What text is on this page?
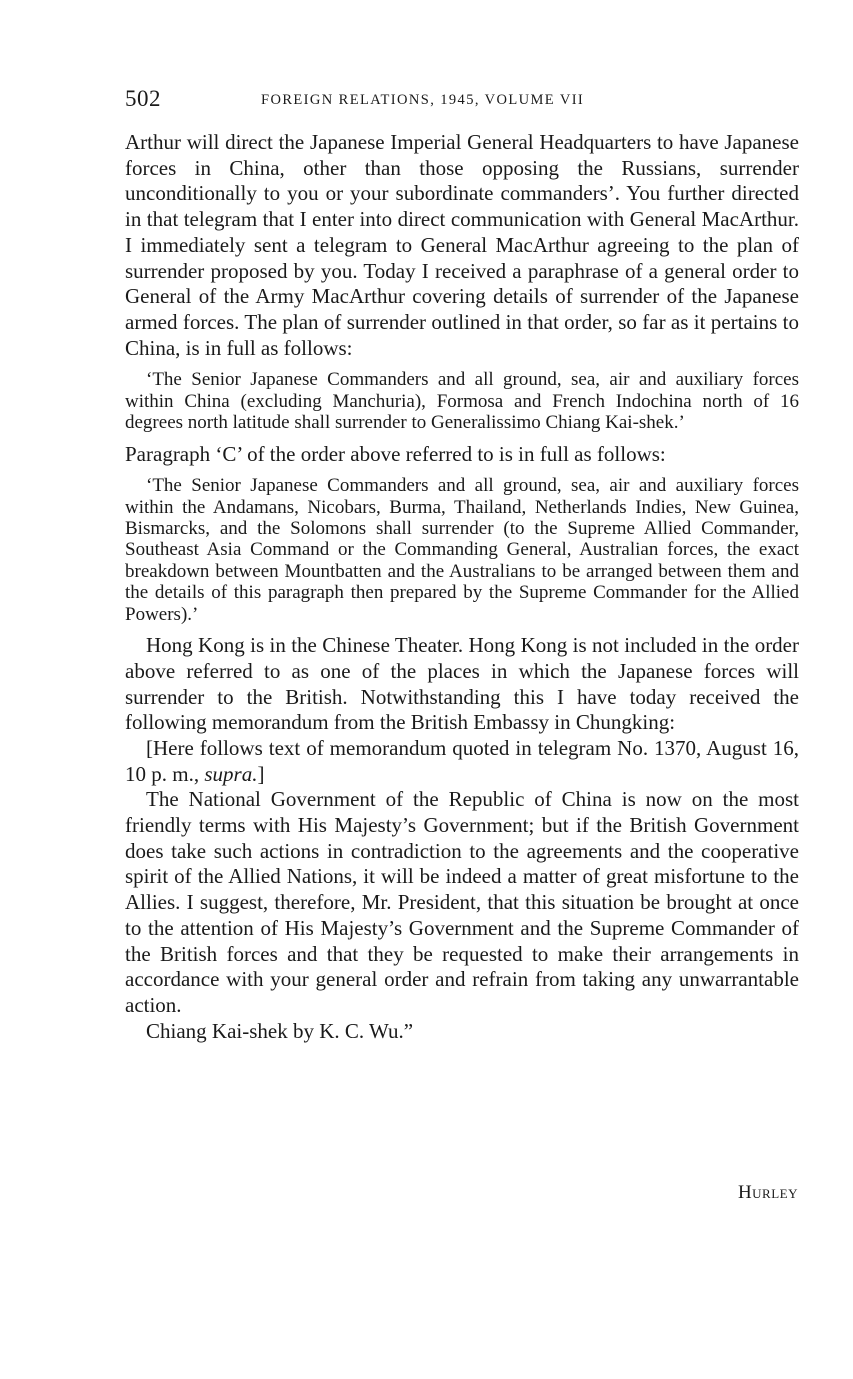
502	FOREIGN RELATIONS, 1945, VOLUME VII

Arthur will direct the Japanese Imperial General Headquarters to have Japanese forces in China, other than those opposing the Russians, surrender unconditionally to you or your subordinate commanders’. You further directed in that telegram that I enter into direct communication with General MacArthur. I immediately sent a telegram to General MacArthur agreeing to the plan of surrender proposed by you. Today I received a paraphrase of a general order to General of the Army MacArthur covering details of surrender of the Japanese armed forces. The plan of surrender outlined in that order, so far as it pertains to China, is in full as follows:

‘The Senior Japanese Commanders and all ground, sea, air and auxiliary forces within China (excluding Manchuria), Formosa and French Indochina north of 16 degrees north latitude shall surrender to Generalissimo Chiang Kai-shek.’

Paragraph ‘C’ of the order above referred to is in full as follows:

‘The Senior Japanese Commanders and all ground, sea, air and auxiliary forces within the Andamans, Nicobars, Burma, Thailand, Netherlands Indies, New Guinea, Bismarcks, and the Solomons shall surrender (to the Supreme Allied Commander, Southeast Asia Command or the Commanding General, Australian forces, the exact breakdown between Mountbatten and the Australians to be arranged between them and the details of this paragraph then prepared by the Supreme Commander for the Allied Powers).’

Hong Kong is in the Chinese Theater. Hong Kong is not included in the order above referred to as one of the places in which the Japanese forces will surrender to the British. Notwithstanding this I have today received the following memorandum from the British Embassy in Chungking:

[Here follows text of memorandum quoted in telegram No. 1370, August 16, 10 p. m., supra.]

The National Government of the Republic of China is now on the most friendly terms with His Majesty’s Government; but if the British Government does take such actions in contradiction to the agreements and the cooperative spirit of the Allied Nations, it will be indeed a matter of great misfortune to the Allies. I suggest, therefore, Mr. President, that this situation be brought at once to the attention of His Majesty’s Government and the Supreme Commander of the British forces and that they be requested to make their arrangements in accordance with your general order and refrain from taking any unwarrantable action.

Chiang Kai-shek by K. C. Wu.”

Hurley
